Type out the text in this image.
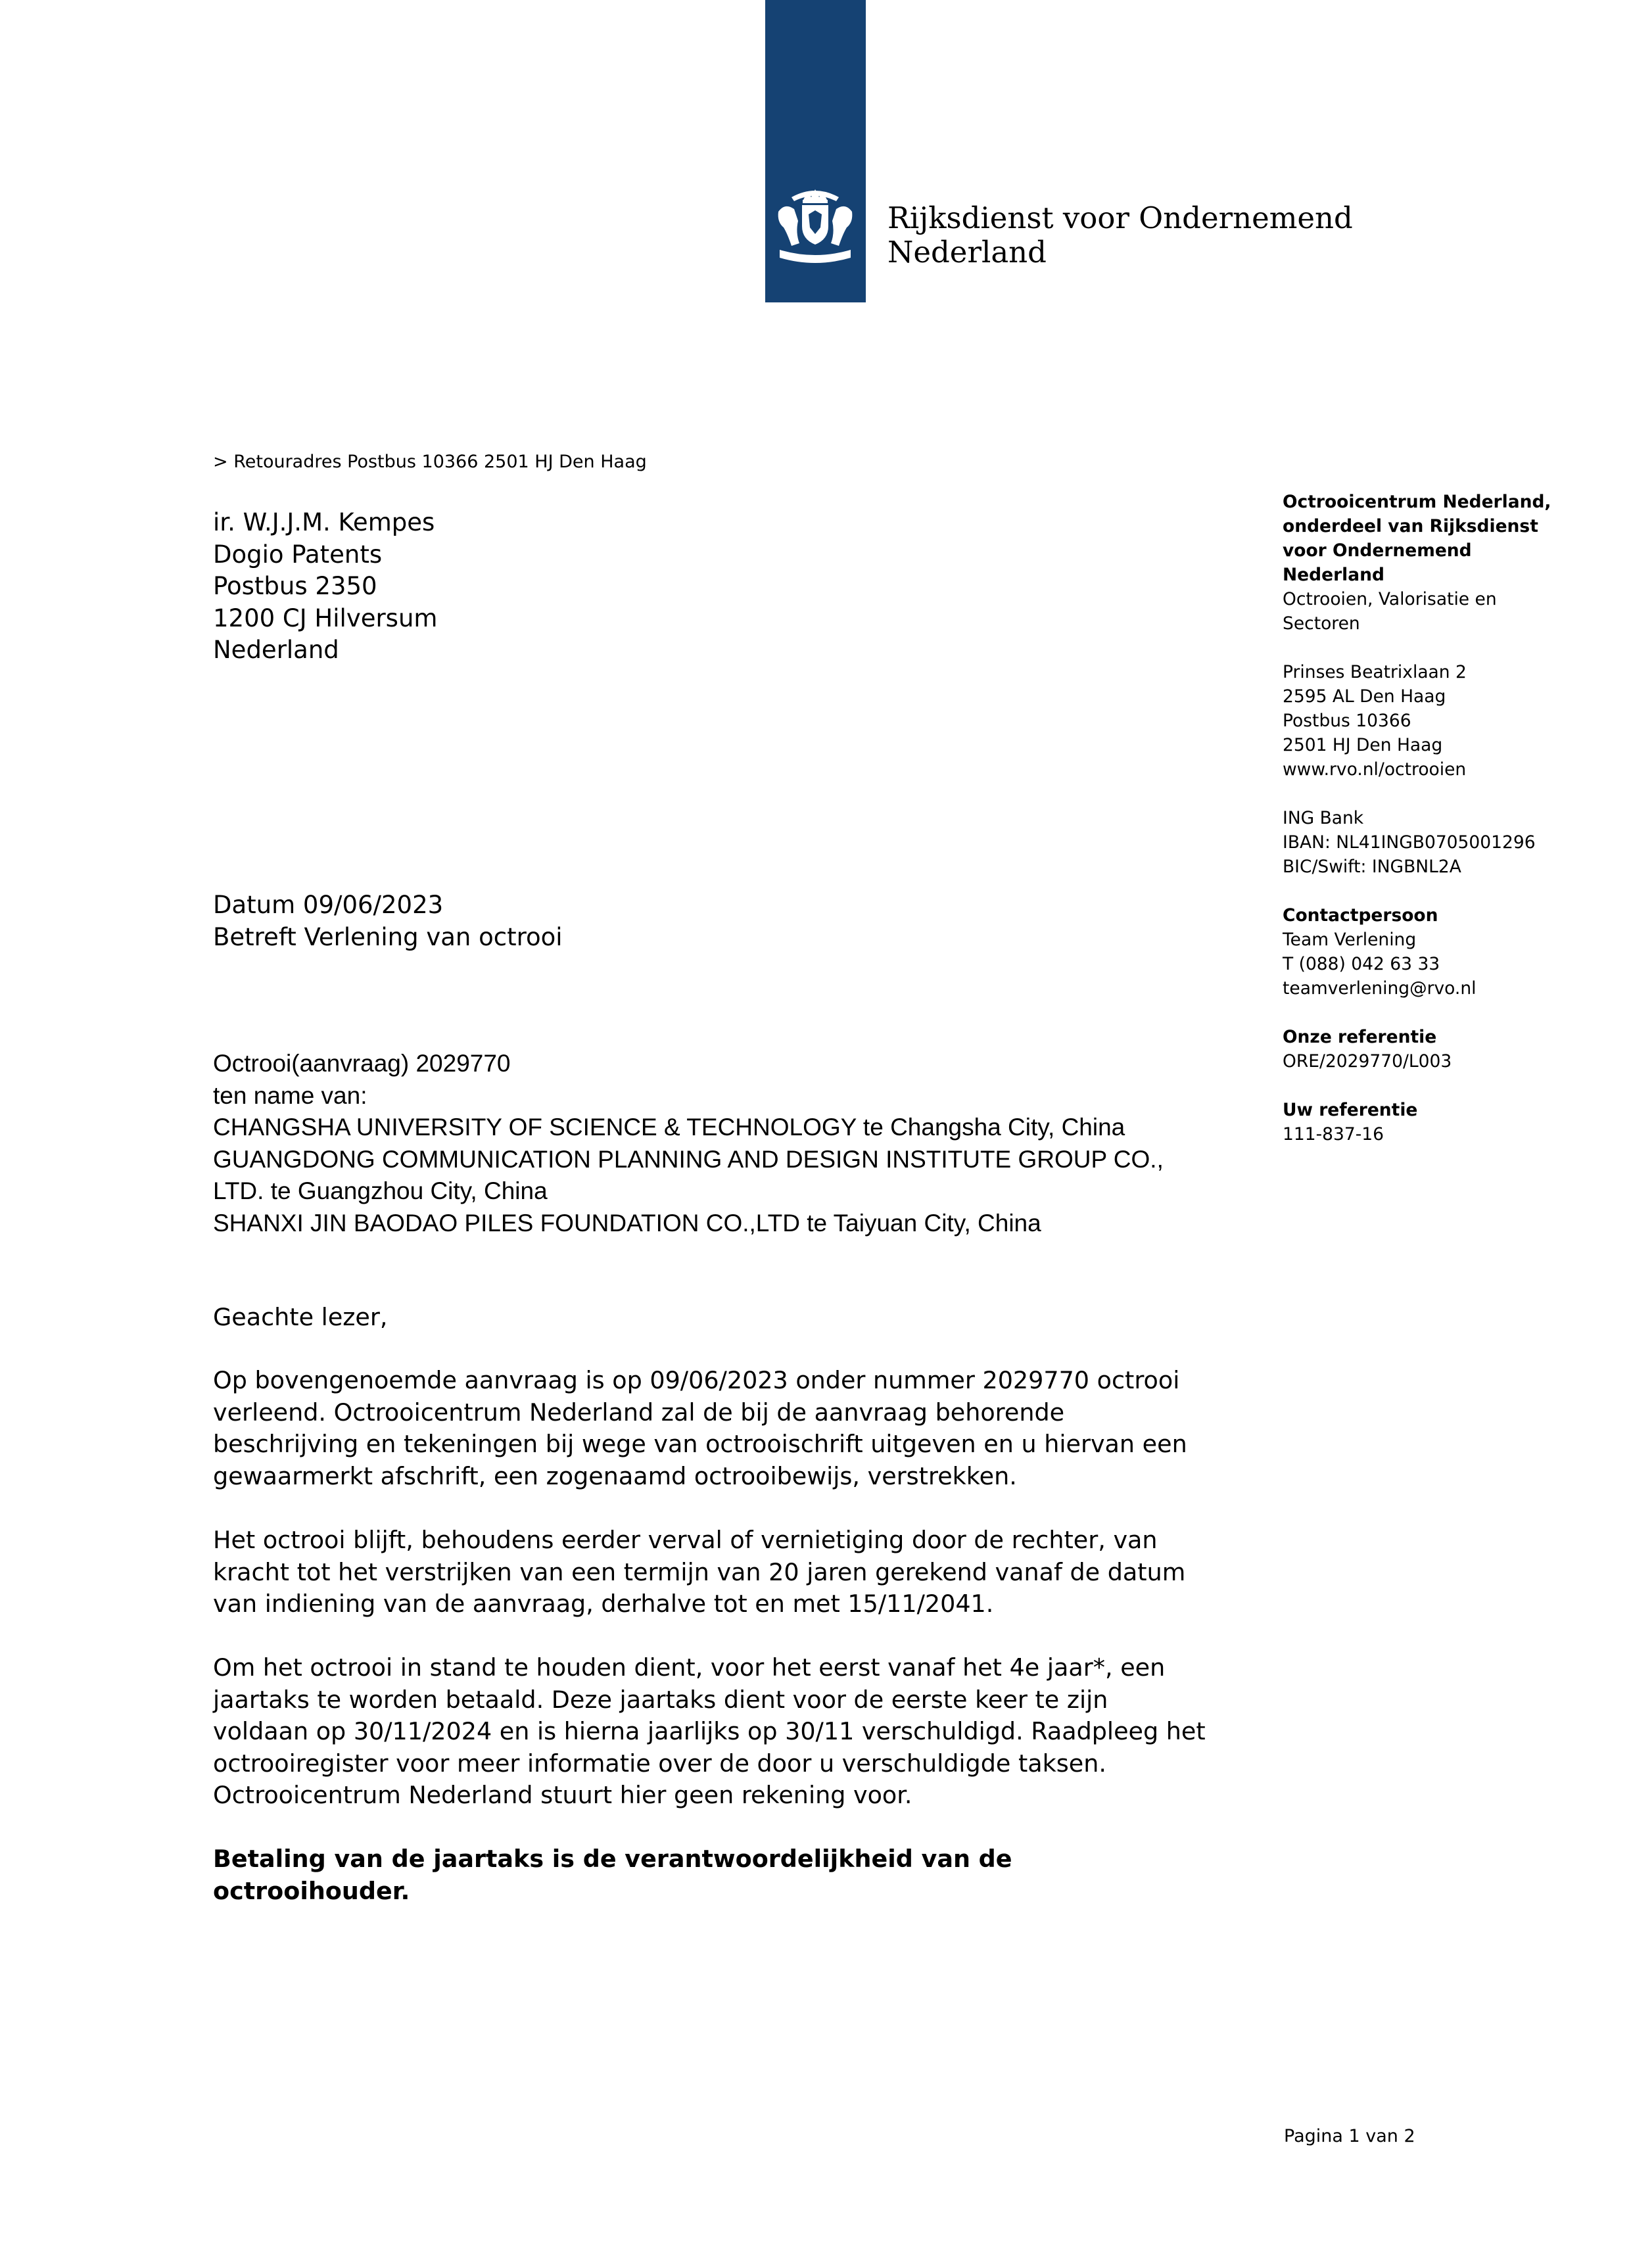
Rijksdienst voor Ondernemend
Nederland
> Retouradres Postbus 10366 2501 HJ Den Haag
ir. W.J.J.M. Kempes
Dogio Patents
Postbus 2350
1200 CJ Hilversum
Nederland
Octrooicentrum Nederland,
onderdeel van Rijksdienst
voor Ondernemend
Nederland
Octrooien, Valorisatie en
Sectoren
Prinses Beatrixlaan 2
2595 AL Den Haag
Postbus 10366
2501 HJ Den Haag
www.rvo.nl/octrooien
ING Bank
IBAN: NL41INGB0705001296
BIC/Swift: INGBNL2A
Contactpersoon
Team Verlening
T (088) 042 63 33
teamverlening@rvo.nl
Onze referentie
ORE/2029770/L003
Uw referentie
111-837-16
Datum 09/06/2023
Betreft Verlening van octrooi
Octrooi(aanvraag) 2029770
ten name van:
CHANGSHA UNIVERSITY OF SCIENCE & TECHNOLOGY te Changsha City, China
GUANGDONG COMMUNICATION PLANNING AND DESIGN INSTITUTE GROUP CO.,
LTD. te Guangzhou City, China
SHANXI JIN BAODAO PILES FOUNDATION CO.,LTD te Taiyuan City, China
Geachte lezer,
Op bovengenoemde aanvraag is op 09/06/2023 onder nummer 2029770 octrooi
verleend. Octrooicentrum Nederland zal de bij de aanvraag behorende
beschrijving en tekeningen bij wege van octrooischrift uitgeven en u hiervan een
gewaarmerkt afschrift, een zogenaamd octrooibewijs, verstrekken.
Het octrooi blijft, behoudens eerder verval of vernietiging door de rechter, van
kracht tot het verstrijken van een termijn van 20 jaren gerekend vanaf de datum
van indiening van de aanvraag, derhalve tot en met 15/11/2041.
Om het octrooi in stand te houden dient, voor het eerst vanaf het 4e jaar*, een
jaartaks te worden betaald. Deze jaartaks dient voor de eerste keer te zijn
voldaan op 30/11/2024 en is hierna jaarlijks op 30/11 verschuldigd. Raadpleeg het
octrooiregister voor meer informatie over de door u verschuldigde taksen.
Octrooicentrum Nederland stuurt hier geen rekening voor.
Betaling van de jaartaks is de verantwoordelijkheid van de
octrooihouder.
Pagina 1 van 2
